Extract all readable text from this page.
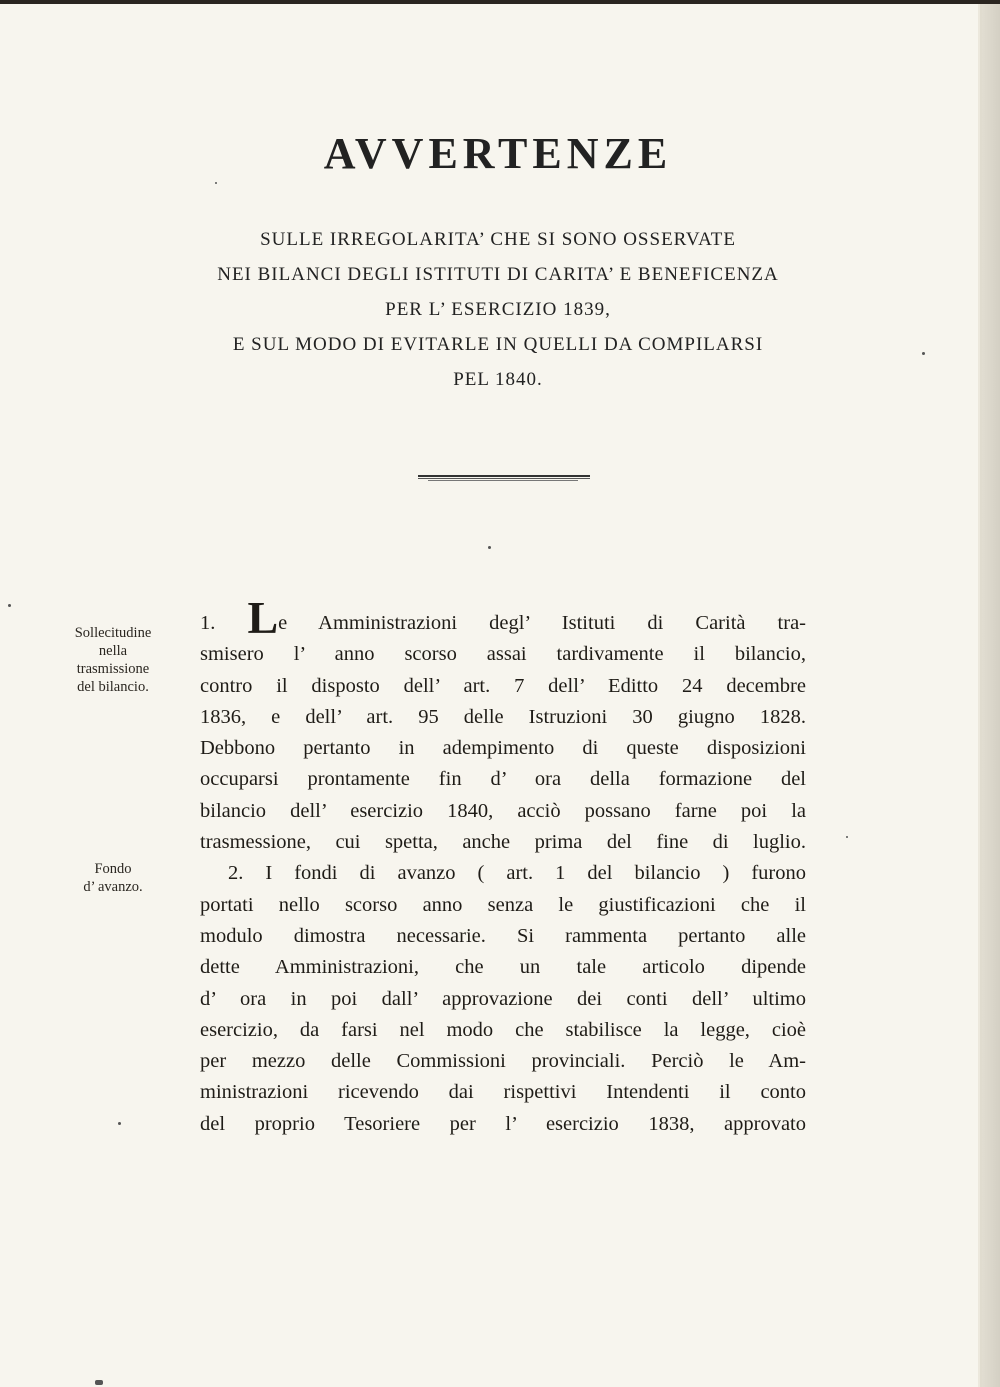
AVVERTENZE
SULLE IRREGOLARITA’ CHE SI SONO OSSERVATE
NEI BILANCI DEGLI ISTITUTI DI CARITA’ E BENEFICENZA
PER L’ ESERCIZIO 1839,
E SUL MODO DI EVITARLE IN QUELLI DA COMPILARSI
PEL 1840.
Sollecitudine
nella
trasmissione
del bilancio.
Fondo
d’ avanzo.
1. Le Amministrazioni degl’ Istituti di Carità tra-
smisero l’ anno scorso assai tardivamente il bilancio,
contro il disposto dell’ art. 7 dell’ Editto 24 decembre
1836, e dell’ art. 95 delle Istruzioni 30 giugno 1828.
Debbono pertanto in adempimento di queste disposizioni
occuparsi prontamente fin d’ ora della formazione del
bilancio dell’ esercizio 1840, acciò possano farne poi la
trasmessione, cui spetta, anche prima del fine di luglio.
2. I fondi di avanzo ( art. 1 del bilancio ) furono
portati nello scorso anno senza le giustificazioni che il
modulo dimostra necessarie. Si rammenta pertanto alle
dette Amministrazioni, che un tale articolo dipende
d’ ora in poi dall’ approvazione dei conti dell’ ultimo
esercizio, da farsi nel modo che stabilisce la legge, cioè
per mezzo delle Commissioni provinciali. Perciò le Am-
ministrazioni ricevendo dai rispettivi Intendenti il conto
del proprio Tesoriere per l’ esercizio 1838, approvato
